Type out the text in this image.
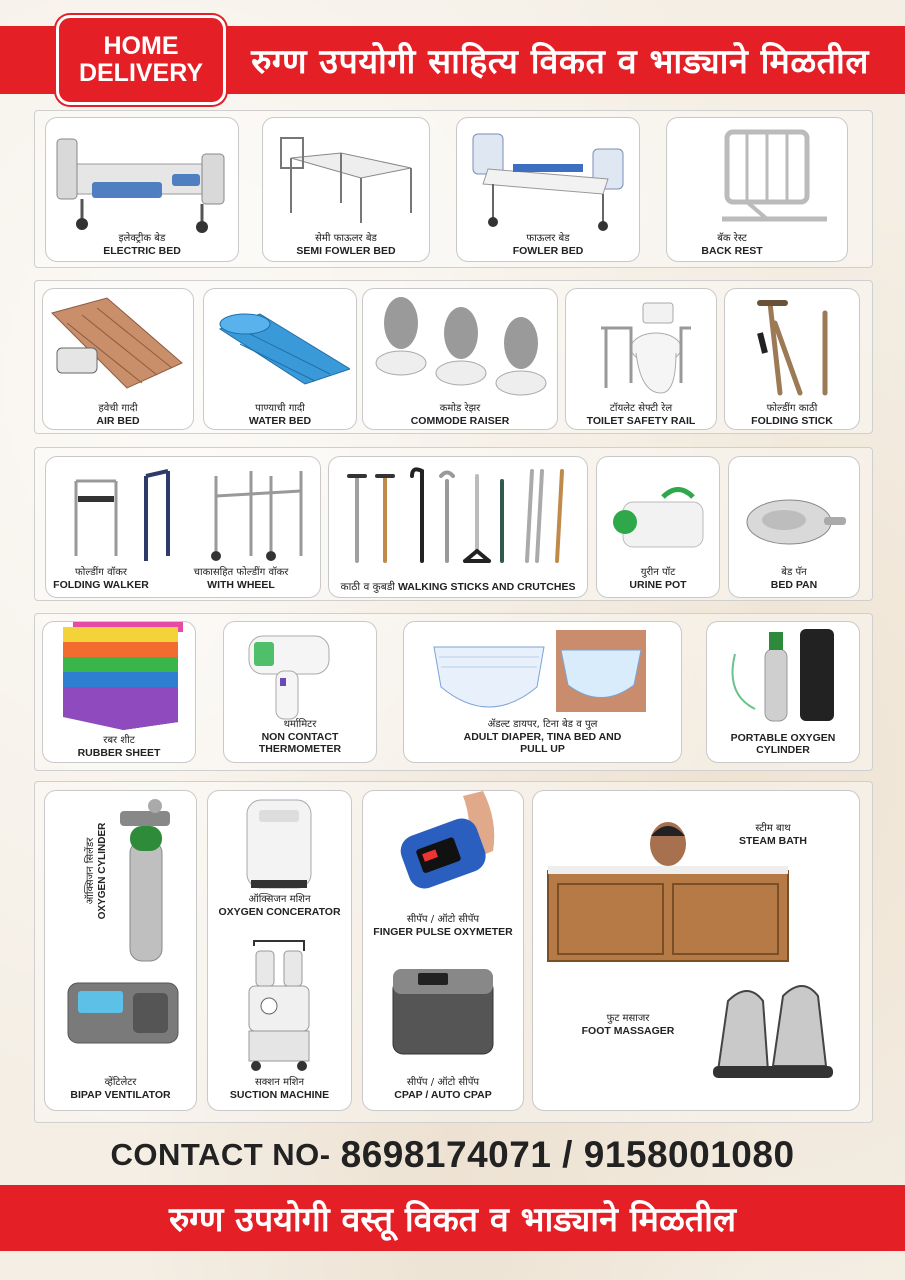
रुग्ण उपयोगी साहित्य विकत व भाड्याने मिळतील
HOME
DELIVERY
इलेक्ट्रीक बेड
ELECTRIC BED
सेमी फाऊलर बेड
SEMI FOWLER BED
फाऊलर बेड
FOWLER BED
बॅक रेस्ट
BACK REST
हवेची गादी
AIR BED
पाण्याची गादी
WATER BED
कमोड रेझर
COMMODE RAISER
टॉयलेट सेफ्टी रेल
TOILET SAFETY RAIL
फोल्डींग काठी
FOLDING STICK
फोल्डींग वॉकर
FOLDING WALKER
चाकासहित फोल्डींग वॉकर
WITH WHEEL	काठी व कुबडी WALKING STICKS AND CRUTCHES
युरीन पॉट
URINE POT
बेड पॅन
BED PAN
रबर शीट
RUBBER SHEET
थर्मामिटर
NON CONTACT
THERMOMETER
ॲडल्ट डायपर, टिना बेड व पुल
ADULT DIAPER, TINA BED AND
PULL UP
PORTABLE OXYGEN
CYLINDER
ऑक्सिजन सिलेंडर OXYGEN CYLINDER
व्हेंटिलेटर
BIPAP VENTILATOR
ऑक्सिजन मशिन
OXYGEN CONCERATOR
सक्शन मशिन
SUCTION MACHINE
सीपॅप / ऑटो सीपॅप
FINGER PULSE OXYMETER
सीपॅप / ऑटो सीपॅप
CPAP / AUTO CPAP
स्टीम बाथ
STEAM BATH
फुट मसाजर
FOOT MASSAGER
CONTACT NO- 8698174071 / 9158001080
रुग्ण उपयोगी वस्तू विकत व भाड्याने मिळतील
